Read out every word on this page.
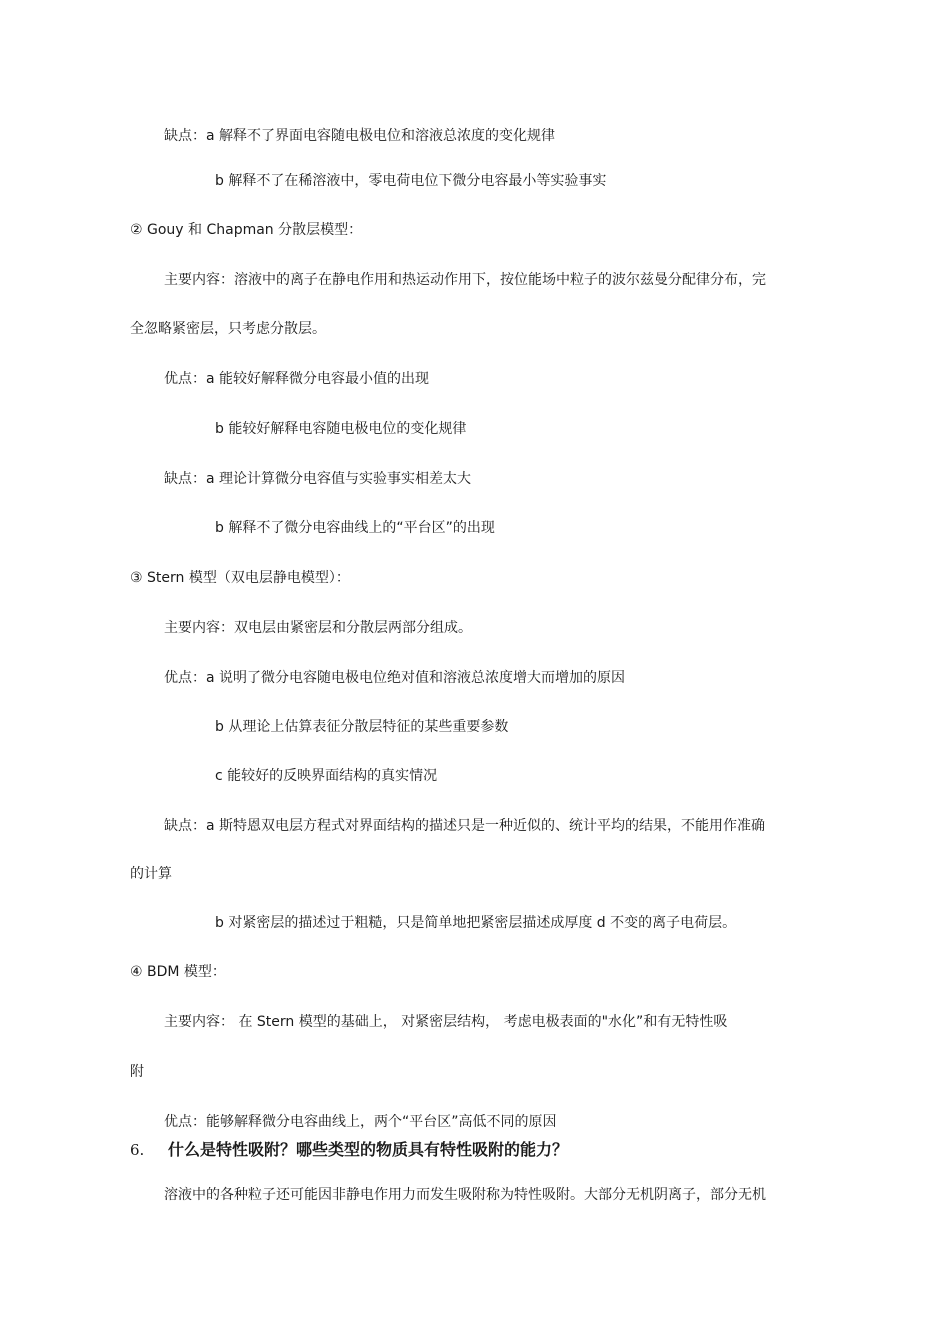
缺点：a 解释不了界面电容随电极电位和溶液总浓度的变化规律
b 解释不了在稀溶液中，零电荷电位下微分电容最小等实验事实
② Gouy 和 Chapman 分散层模型：
主要内容：溶液中的离子在静电作用和热运动作用下，按位能场中粒子的波尔兹曼分配律分布，完
全忽略紧密层，只考虑分散层。
优点：a 能较好解释微分电容最小值的出现
b 能较好解释电容随电极电位的变化规律
缺点：a 理论计算微分电容值与实验事实相差太大
b 解释不了微分电容曲线上的“平台区”的出现
③ Stern 模型（双电层静电模型）：
主要内容：双电层由紧密层和分散层两部分组成。
优点：a 说明了微分电容随电极电位绝对值和溶液总浓度增大而增加的原因
b 从理论上估算表征分散层特征的某些重要参数
c 能较好的反映界面结构的真实情况
缺点：a 斯特恩双电层方程式对界面结构的描述只是一种近似的、统计平均的结果，不能用作准确
的计算
b 对紧密层的描述过于粗糙，只是简单地把紧密层描述成厚度 d 不变的离子电荷层。
④ BDM 模型：
主要内容： 在 Stern 模型的基础上， 对紧密层结构， 考虑电极表面的"水化”和有无特性吸
附
优点：能够解释微分电容曲线上，两个“平台区”高低不同的原因
6. 什么是特性吸附？哪些类型的物质具有特性吸附的能力？
溶液中的各种粒子还可能因非静电作用力而发生吸附称为特性吸附。大部分无机阴离子，部分无机
